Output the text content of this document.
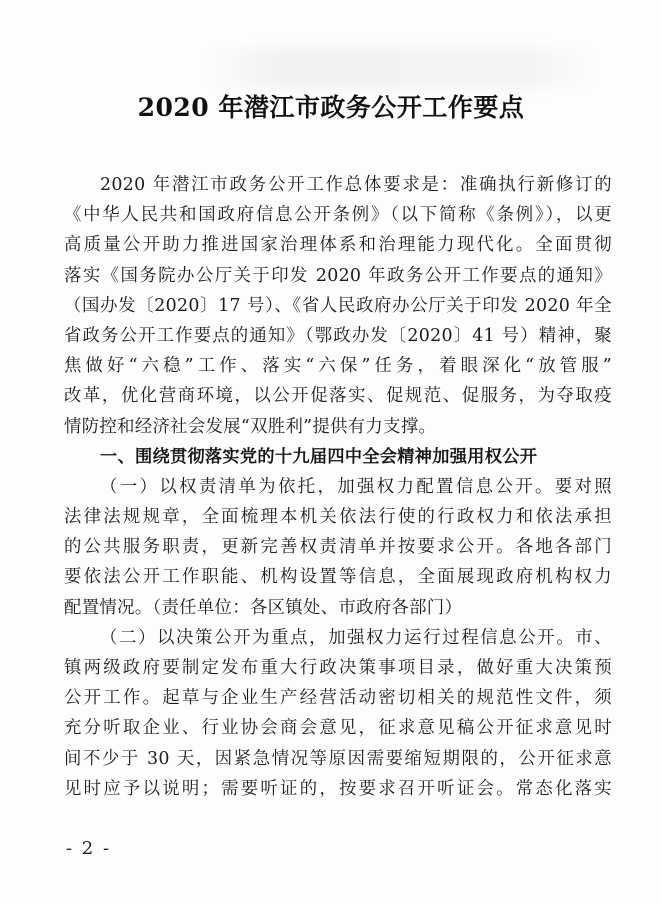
2020 年潜江市政务公开工作要点
2020 年潜江市政务公开工作总体要求是：准确执行新修订的
《中华人民共和国政府信息公开条例》（以下简称《条例》），以更
高质量公开助力推进国家治理体系和治理能力现代化。全面贯彻
落实《国务院办公厅关于印发 2020 年政务公开工作要点的通知》
（国办发〔2020〕17 号）、《省人民政府办公厅关于印发 2020 年全
省政务公开工作要点的通知》（鄂政办发〔2020〕41 号）精神，聚
焦做好“六稳”工作、落实“六保”任务，着眼深化“放管服”
改革，优化营商环境，以公开促落实、促规范、促服务，为夺取疫
情防控和经济社会发展“双胜利”提供有力支撑。
一、围绕贯彻落实党的十九届四中全会精神加强用权公开
（一）以权责清单为依托，加强权力配置信息公开。要对照
法律法规规章，全面梳理本机关依法行使的行政权力和依法承担
的公共服务职责，更新完善权责清单并按要求公开。各地各部门
要依法公开工作职能、机构设置等信息，全面展现政府机构权力
配置情况。（责任单位：各区镇处、市政府各部门）
（二）以决策公开为重点，加强权力运行过程信息公开。市、
镇两级政府要制定发布重大行政决策事项目录，做好重大决策预
公开工作。起草与企业生产经营活动密切相关的规范性文件，须
充分听取企业、行业协会商会意见，征求意见稿公开征求意见时
间不少于 30 天，因紧急情况等原因需要缩短期限的，公开征求意
见时应予以说明；需要听证的，按要求召开听证会。常态化落实
- 2 -
